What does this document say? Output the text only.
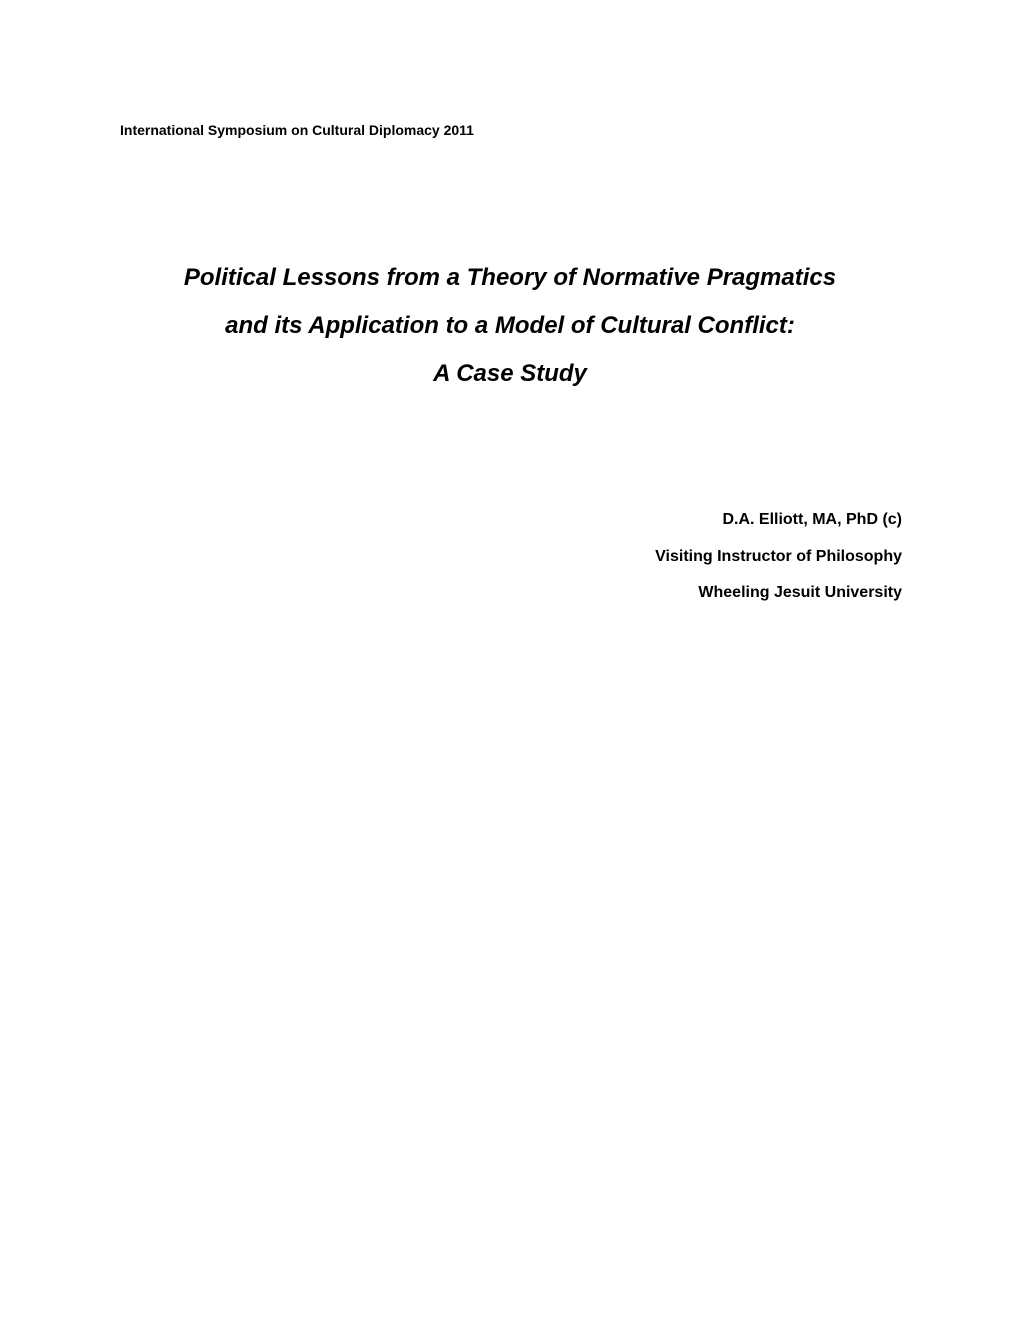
International Symposium on Cultural Diplomacy 2011
Political Lessons from a Theory of Normative Pragmatics
and its Application to a Model of Cultural Conflict:
A Case Study
D.A. Elliott, MA, PhD (c)
Visiting Instructor of Philosophy
Wheeling Jesuit University
